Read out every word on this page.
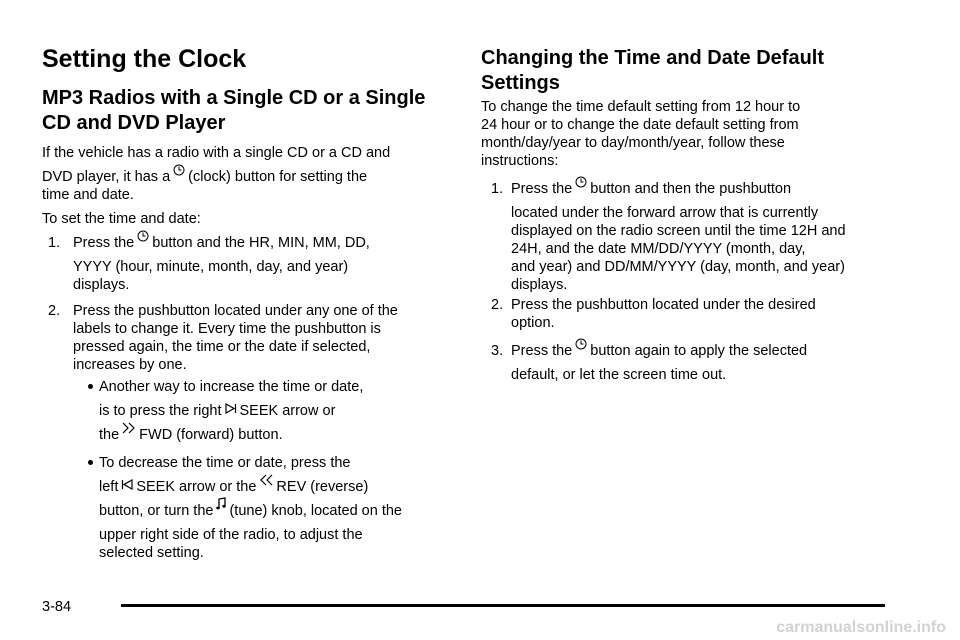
Setting the Clock
MP3 Radios with a Single CD or a Single CD and DVD Player

If the vehicle has a radio with a single CD or a CD and

DVD player, it has a (clock) button for setting the

time and date.

To set the time and date:

1. Press the button and the HR, MIN, MM, DD,
YYYY (hour, minute, month, day, and year)
displays.
2. Press the pushbutton located under any one of the
labels to change it. Every time the pushbutton is
pressed again, the time or the date if selected,
increases by one.
Another way to increase the time or date,
is to press the right SEEK arrow or
the FWD (forward) button.
To decrease the time or date, press the
left SEEK arrow or the REV (reverse)
button, or turn the (tune) knob, located on the
upper right side of the radio, to adjust the
selected setting.
Changing the Time and Date Default Settings

To change the time default setting from 12 hour to

24 hour or to change the date default setting from

month/day/year to day/month/year, follow these

instructions:

1. Press the button and then the pushbutton
located under the forward arrow that is currently
displayed on the radio screen until the time 12H and
24H, and the date MM/DD/YYYY (month, day,
and year) and DD/MM/YYYY (day, month, and year)
displays.
2. Press the pushbutton located under the desired
option.
3. Press the button again to apply the selected
default, or let the screen time out.
3-84
carmanualsonline.info
